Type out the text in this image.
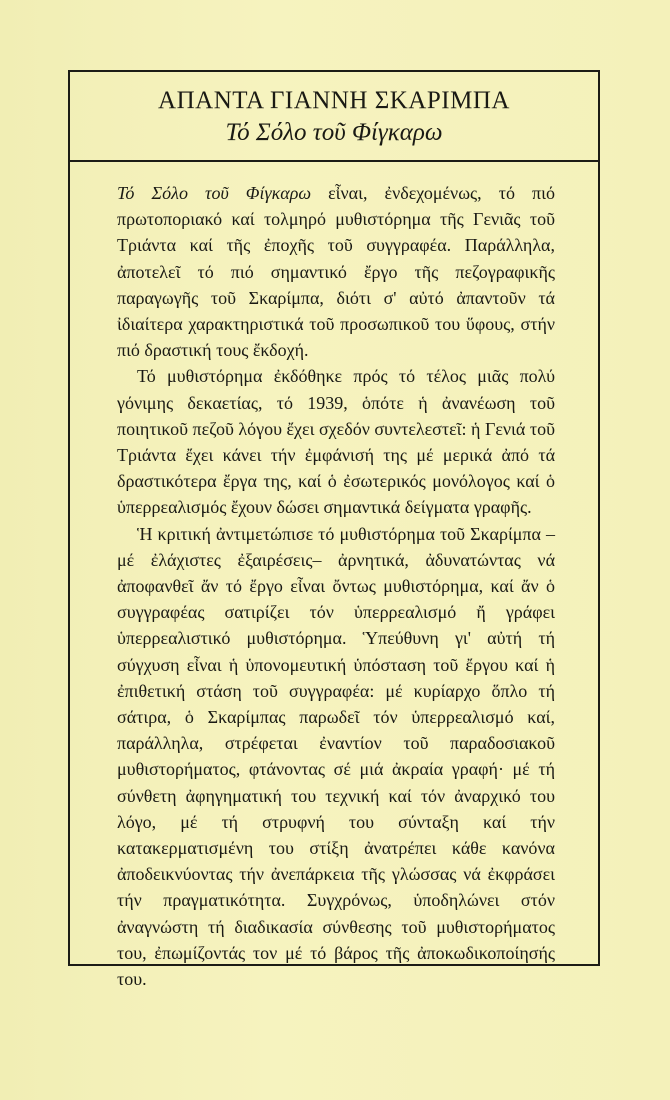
ΑΠΑΝΤΑ ΓΙΑΝΝΗ ΣΚΑΡΙΜΠΑ
Τό Σόλο τοῦ Φίγκαρω

Τό Σόλο τοῦ Φίγκαρω εἶναι, ἐνδεχομένως, τό πιό πρωτοποριακό καί τολμηρό μυθιστόρημα τῆς Γενιᾶς τοῦ Τριάντα καί τῆς ἐποχῆς τοῦ συγγραφέα. Παράλληλα, ἀποτελεῖ τό πιό σημαντικό ἔργο τῆς πεζογραφικῆς παραγωγῆς τοῦ Σκαρίμπα, διότι σ' αὐτό ἀπαντοῦν τά ἰδιαίτερα χαρακτηριστικά τοῦ προσωπικοῦ του ὕφους, στήν πιό δραστική τους ἔκδοχή.

Τό μυθιστόρημα ἐκδόθηκε πρός τό τέλος μιᾶς πολύ γόνιμης δεκαετίας, τό 1939, ὁπότε ἡ ἀνανέωση τοῦ ποιητικοῦ πεζοῦ λόγου ἔχει σχεδόν συντελεστεῖ: ἡ Γενιά τοῦ Τριάντα ἔχει κάνει τήν ἐμφάνισή της μέ μερικά ἀπό τά δραστικότερα ἔργα της, καί ὁ ἐσωτερικός μονόλογος καί ὁ ὑπερρεαλισμός ἔχουν δώσει σημαντικά δείγματα γραφῆς.

Ἡ κριτική ἀντιμετώπισε τό μυθιστόρημα τοῦ Σκαρίμπα – μέ ἐλάχιστες ἐξαιρέσεις– ἀρνητικά, ἀδυνατώντας νά ἀποφανθεῖ ἄν τό ἔργο εἶναι ὄντως μυθιστόρημα, καί ἄν ὁ συγγραφέας σατιρίζει τόν ὑπερρεαλισμό ἤ γράφει ὑπερρεαλιστικό μυθιστόρημα. Ὑπεύθυνη γι' αὐτή τή σύγχυση εἶναι ἡ ὑπονομευτική ὑπόσταση τοῦ ἔργου καί ἡ ἐπιθετική στάση τοῦ συγγραφέα: μέ κυρίαρχο ὅπλο τή σάτιρα, ὁ Σκαρίμπας παρωδεῖ τόν ὑπερρεαλισμό καί, παράλληλα, στρέφεται ἐναντίον τοῦ παραδοσιακοῦ μυθιστορήματος, φτάνοντας σέ μιά ἀκραία γραφή· μέ τή σύνθετη ἀφηγηματική του τεχνική καί τόν ἀναρχικό του λόγο, μέ τή στρυφνή του σύνταξη καί τήν κατακερματισμένη του στίξη ἀνατρέπει κάθε κανόνα ἀποδεικνύοντας τήν ἀνεπάρκεια τῆς γλώσσας νά ἐκφράσει τήν πραγματικότητα. Συγχρόνως, ὑποδηλώνει στόν ἀναγνώστη τή διαδικασία σύνθεσης τοῦ μυθιστορήματος του, ἐπωμίζοντάς τον μέ τό βάρος τῆς ἀποκωδικοποίησής του.
